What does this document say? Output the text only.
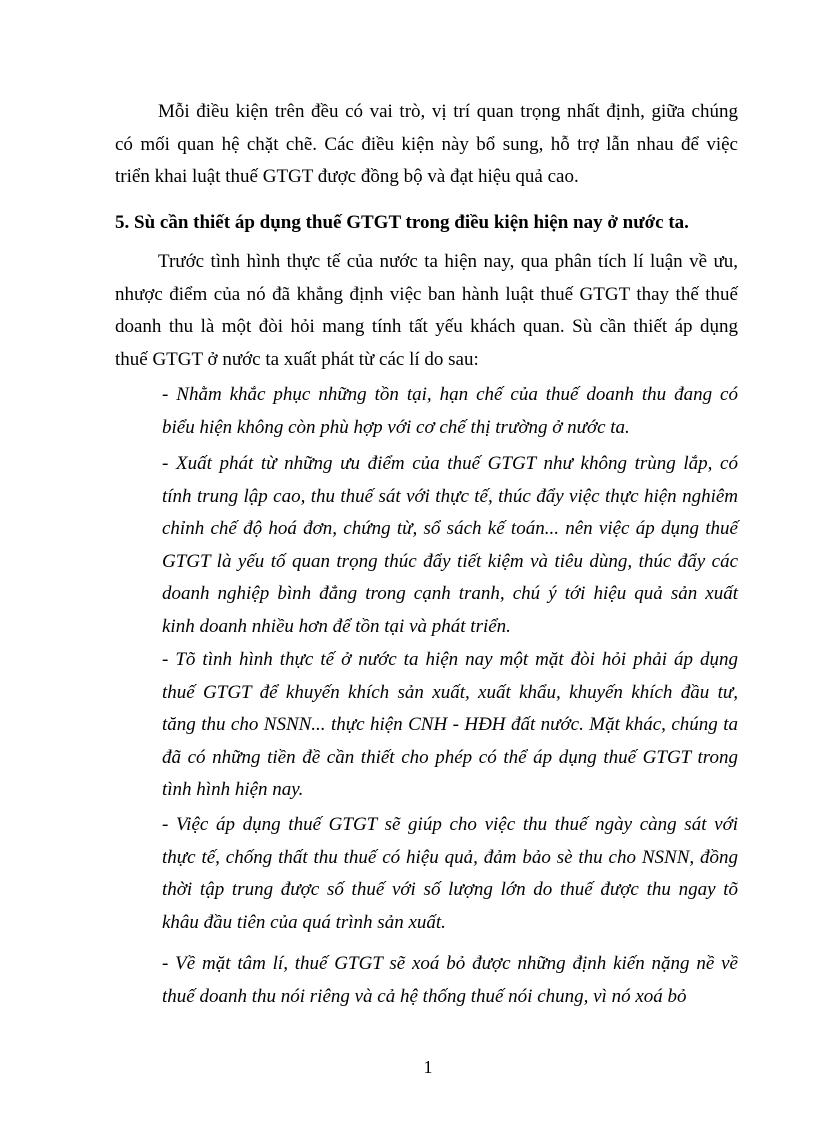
Mỗi điều kiện trên đều có vai trò, vị trí quan trọng nhất định, giữa chúng
có mối quan hệ chặt chẽ. Các điều kiện này bổ sung, hỗ trợ lẫn nhau để việc
triển khai luật thuế GTGT được đồng bộ và đạt hiệu quả cao.

5. Sù cần thiết áp dụng thuế GTGT trong điều kiện hiện nay ở nước ta.

Trước tình hình thực tế của nước ta hiện nay, qua phân tích lí luận về ưu,
nhược điểm của nó đã khẳng định việc ban hành luật thuế GTGT thay thế thuế
doanh thu là một đòi hỏi mang tính tất yếu khách quan. Sù cần thiết áp dụng
thuế GTGT ở nước ta xuất phát từ các lí do sau:

- Nhằm khắc phục những tồn tại, hạn chế của thuế doanh thu đang có
biểu hiện không còn phù hợp với cơ chế thị trường ở nước ta.

- Xuất phát từ những ưu điểm của thuế GTGT như không trùng lắp, có
tính trung lập cao, thu thuế sát với thực tế, thúc đẩy việc thực hiện nghiêm
chỉnh chế độ hoá đơn, chứng từ, sổ sách kế toán... nên việc áp dụng thuế
GTGT là yếu tố quan trọng thúc đẩy tiết kiệm và tiêu dùng, thúc đẩy các
doanh nghiệp bình đẳng trong cạnh tranh, chú ý tới hiệu quả sản xuất
kinh doanh nhiều hơn để tồn tại và phát triển.

- Tõ tình hình thực tế ở nước ta hiện nay một mặt đòi hỏi phải áp dụng
thuế GTGT để khuyến khích sản xuất, xuất khẩu, khuyến khích đầu tư,
tăng thu cho NSNN... thực hiện CNH - HĐH đất nước. Mặt khác, chúng ta
đã có những tiền đề cần thiết cho phép có thể áp dụng thuế GTGT trong
tình hình hiện nay.

- Việc áp dụng thuế GTGT sẽ giúp cho việc thu thuế ngày càng sát với
thực tế, chống thất thu thuế có hiệu quả, đảm bảo sè thu cho NSNN, đồng
thời tập trung được số thuế với số lượng lớn do thuế được thu ngay tõ
khâu đầu tiên của quá trình sản xuất.

- Về mặt tâm lí, thuế GTGT sẽ xoá bỏ được những định kiến nặng nề về
thuế doanh thu nói riêng và cả hệ thống thuế nói chung, vì nó xoá bỏ

1
